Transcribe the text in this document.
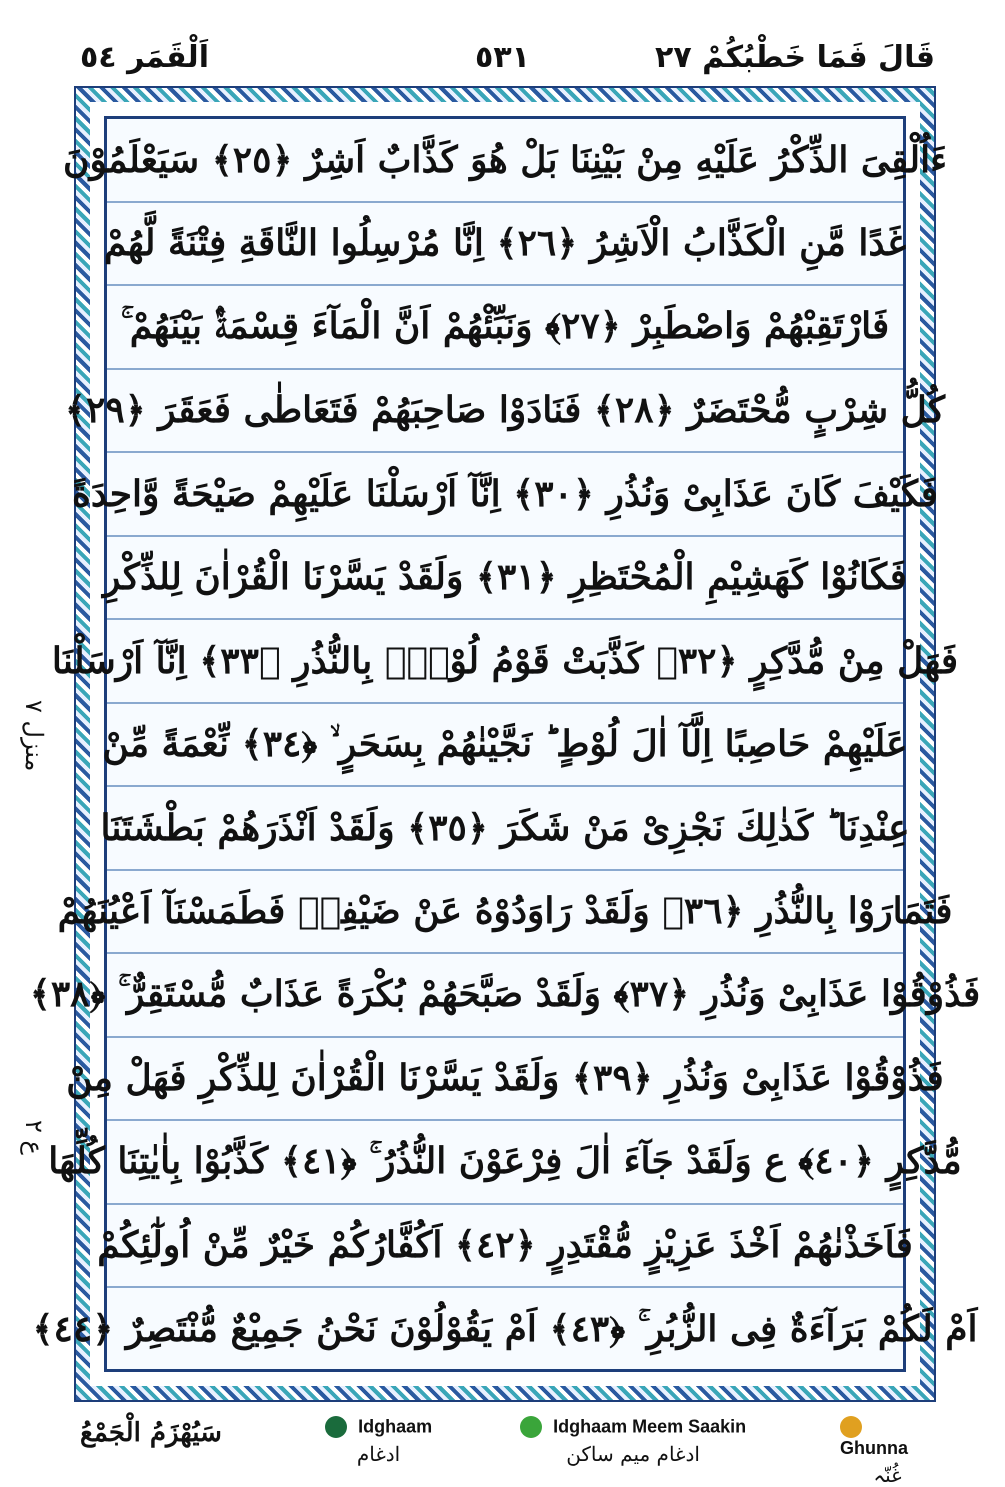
قَالَ فَمَا خَطْبُكُمْ ٢٧
٥٣١
اَلْقَمَر ٥٤
ءَاُلْقِىَ الذِّكْرُ عَلَيْهِ مِنْ بَيْنِنَا بَلْ هُوَ كَذَّابٌ اَشِرٌ ﴿٢٥﴾ سَيَعْلَمُوْنَ
غَدًا مَّنِ الْكَذَّابُ الْاَشِرُ ﴿٢٦﴾ اِنَّا مُرْسِلُوا النَّاقَةِ فِتْنَةً لَّهُمْ
فَارْتَقِبْهُمْ وَاصْطَبِرْ ﴿٢٧﴾ وَنَبِّئْهُمْ اَنَّ الْمَآءَ قِسْمَةٌۢ بَيْنَهُمْ ۚ
كُلُّ شِرْبٍ مُّحْتَضَرٌ ﴿٢٨﴾ فَنَادَوْا صَاحِبَهُمْ فَتَعَاطٰى فَعَقَرَ ﴿٢٩﴾
فَكَيْفَ كَانَ عَذَابِىْ وَنُذُرِ ﴿٣٠﴾ اِنَّآ اَرْسَلْنَا عَلَيْهِمْ صَيْحَةً وَّاحِدَةً
فَكَانُوْا كَهَشِيْمِ الْمُحْتَظِرِ ﴿٣١﴾ وَلَقَدْ يَسَّرْنَا الْقُرْاٰنَ لِلذِّكْرِ
فَهَلْ مِنْ مُّدَّكِرٍ ﴿٣٢﴾ كَذَّبَتْ قَوْمُ لُوْطٍۢ بِالنُّذُرِ ﴿٣٣﴾ اِنَّآ اَرْسَلْنَا
عَلَيْهِمْ حَاصِبًا اِلَّآ اٰلَ لُوْطٍ ؕ نَجَّيْنٰهُمْ بِسَحَرٍ ۙ ﴿٣٤﴾ نِّعْمَةً مِّنْ
عِنْدِنَا ؕ كَذٰلِكَ نَجْزِىْ مَنْ شَكَرَ ﴿٣٥﴾ وَلَقَدْ اَنْذَرَهُمْ بَطْشَتَنَا
فَتَمَارَوْا بِالنُّذُرِ ﴿٣٦﴾ وَلَقَدْ رَاوَدُوْهُ عَنْ ضَيْفِهٖ فَطَمَسْنَآ اَعْيُنَهُمْ
فَذُوْقُوْا عَذَابِىْ وَنُذُرِ ﴿٣٧﴾ وَلَقَدْ صَبَّحَهُمْ بُكْرَةً عَذَابٌ مُّسْتَقِرٌّ ۚ ﴿٣٨﴾
فَذُوْقُوْا عَذَابِىْ وَنُذُرِ ﴿٣٩﴾ وَلَقَدْ يَسَّرْنَا الْقُرْاٰنَ لِلذِّكْرِ فَهَلْ مِنْ
مُّدَّكِرٍ ﴿٤٠﴾ ع وَلَقَدْ جَآءَ اٰلَ فِرْعَوْنَ النُّذُرُ ۚ ﴿٤١﴾ كَذَّبُوْا بِاٰيٰتِنَا كُلِّهَا
فَاَخَذْنٰهُمْ اَخْذَ عَزِيْزٍ مُّقْتَدِرٍ ﴿٤٢﴾ اَكُفَّارُكُمْ خَيْرٌ مِّنْ اُولٰٓئِكُمْ
اَمْ لَكُمْ بَرَآءَةٌ فِى الزُّبُرِ ۚ ﴿٤٣﴾ اَمْ يَقُوْلُوْنَ نَحْنُ جَمِيْعٌ مُّنْتَصِرٌ ﴿٤٤﴾
منزل ٧
ع ٢
سَيُهْزَمُ الْجَمْعُ	Idghaam
ادغام
Idghaam Meem Saakin
ادغام میم ساکن	Ghunna
غُنّہ
